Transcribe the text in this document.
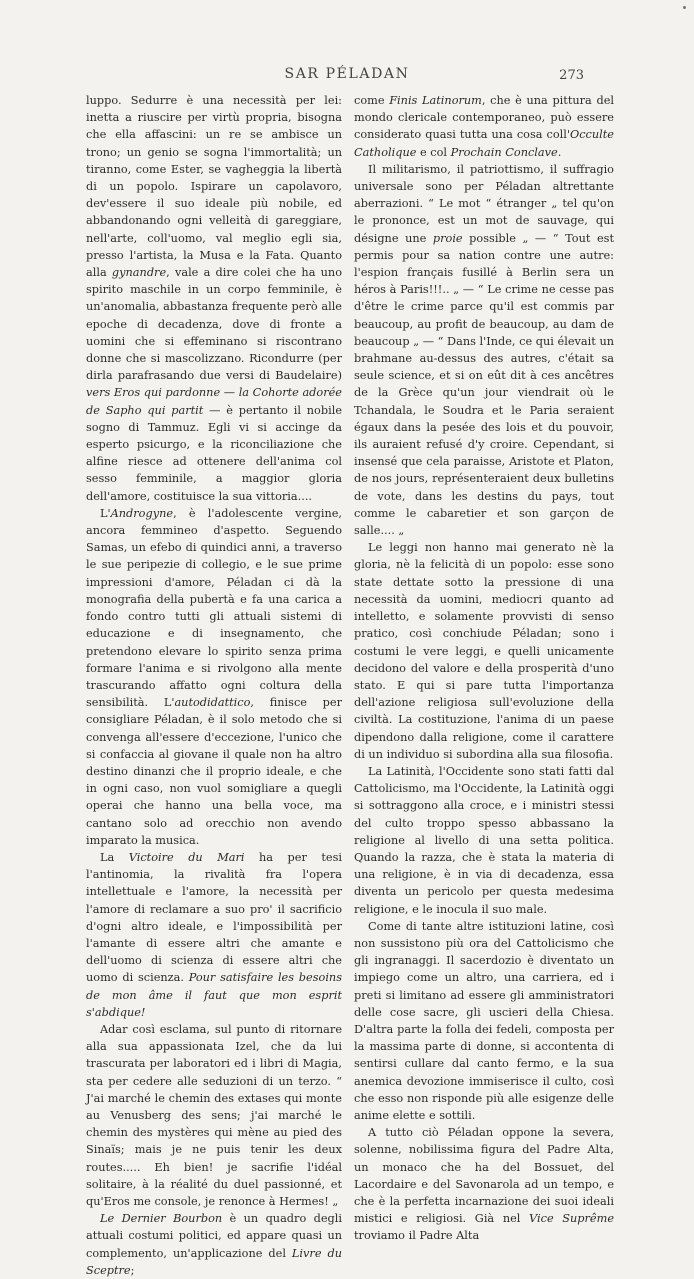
SAR PÉLADAN	273

luppo. Sedurre è una necessità per lei: inetta a riuscire per virtù propria, bisogna che ella affascini: un re se ambisce un trono; un genio se sogna l'immortalità; un tiranno, come Ester, se vagheggia la libertà di un popolo. Ispirare un capolavoro, dev'essere il suo ideale più nobile, ed abbandonando ogni velleità di gareggiare, nell'arte, coll'uomo, val meglio egli sia, presso l'artista, la Musa e la Fata. Quanto alla gynandre, vale a dire colei che ha uno spirito maschile in un corpo femminile, è un'anomalia, abbastanza frequente però alle epoche di decadenza, dove di fronte a uomini che si effeminano si riscontrano donne che si mascolizzano. Ricondurre (per dirla parafrasando due versi di Baudelaire) vers Eros qui pardonne — la Cohorte adorée de Sapho qui partit — è pertanto il nobile sogno di Tammuz. Egli vi si accinge da esperto psicurgo, e la riconciliazione che alfine riesce ad ottenere dell'anima col sesso femminile, a maggior gloria dell'amore, costituisce la sua vittoria....

L'Androgyne, è l'adolescente vergine, ancora femmineo d'aspetto. Seguendo Samas, un efebo di quindici anni, a traverso le sue peripezie di collegio, e le sue prime impressioni d'amore, Péladan ci dà la monografia della pubertà e fa una carica a fondo contro tutti gli attuali sistemi di educazione e di insegnamento, che pretendono elevare lo spirito senza prima formare l'anima e si rivolgono alla mente trascurando affatto ogni coltura della sensibilità. L'autodidattico, finisce per consigliare Péladan, è il solo metodo che si convenga all'essere d'eccezione, l'unico che si confaccia al giovane il quale non ha altro destino dinanzi che il proprio ideale, e che in ogni caso, non vuol somigliare a quegli operai che hanno una bella voce, ma cantano solo ad orecchio non avendo imparato la musica.

La Victoire du Mari ha per tesi l'antinomia, la rivalità fra l'opera intellettuale e l'amore, la necessità per l'amore di reclamare a suo pro' il sacrificio d'ogni altro ideale, e l'impossibilità per l'amante di essere altri che amante e dell'uomo di scienza di essere altri che uomo di scienza. Pour satisfaire les besoins de mon âme il faut que mon esprit s'abdique!

Adar così esclama, sul punto di ritornare alla sua appassionata Izel, che da lui trascurata per laboratori ed i libri di Magia, sta per cedere alle seduzioni di un terzo. “ J'ai marché le chemin des extases qui monte au Venusberg des sens; j'ai marché le chemin des mystères qui mène au pied des Sinaïs; mais je ne puis tenir les deux routes..... Eh bien! je sacrifie l'idéal solitaire, à la réalité du duel passionné, et qu'Eros me console, je renonce à Hermes! „

Le Dernier Bourbon è un quadro degli attuali costumi politici, ed appare quasi un complemento, un'applicazione del Livre du Sceptre;

come Finis Latinorum, che è una pittura del mondo clericale contemporaneo, può essere considerato quasi tutta una cosa coll'Occulte Catholique e col Prochain Conclave.

Il militarismo, il patriottismo, il suffragio universale sono per Péladan altrettante aberrazioni. “ Le mot “ étranger „ tel qu'on le prononce, est un mot de sauvage, qui désigne une proie possible „ — “ Tout est permis pour sa nation contre une autre: l'espion français fusillé à Berlin sera un héros à Paris!!!.. „ — “ Le crime ne cesse pas d'être le crime parce qu'il est commis par beaucoup, au profit de beaucoup, au dam de beaucoup „ — “ Dans l'Inde, ce qui élevait un brahmane au-dessus des autres, c'était sa seule science, et si on eût dit à ces ancêtres de la Grèce qu'un jour viendrait où le Tchandala, le Soudra et le Paria seraient égaux dans la pesée des lois et du pouvoir, ils auraient refusé d'y croire. Cependant, si insensé que cela paraisse, Aristote et Platon, de nos jours, représenteraient deux bulletins de vote, dans les destins du pays, tout comme le cabaretier et son garçon de salle.... „

Le leggi non hanno mai generato nè la gloria, nè la felicità di un popolo: esse sono state dettate sotto la pressione di una necessità da uomini, mediocri quanto ad intelletto, e solamente provvisti di senso pratico, così conchiude Péladan; sono i costumi le vere leggi, e quelli unicamente decidono del valore e della prosperità d'uno stato. E qui si pare tutta l'importanza dell'azione religiosa sull'evoluzione della civiltà. La costituzione, l'anima di un paese dipendono dalla religione, come il carattere di un individuo si subordina alla sua filosofia.

La Latinità, l'Occidente sono stati fatti dal Cattolicismo, ma l'Occidente, la Latinità oggi si sottraggono alla croce, e i ministri stessi del culto troppo spesso abbassano la religione al livello di una setta politica. Quando la razza, che è stata la materia di una religione, è in via di decadenza, essa diventa un pericolo per questa medesima religione, e le inocula il suo male.

Come di tante altre istituzioni latine, così non sussistono più ora del Cattolicismo che gli ingranaggi. Il sacerdozio è diventato un impiego come un altro, una carriera, ed i preti si limitano ad essere gli amministratori delle cose sacre, gli uscieri della Chiesa. D'altra parte la folla dei fedeli, composta per la massima parte di donne, si accontenta di sentirsi cullare dal canto fermo, e la sua anemica devozione immiserisce il culto, così che esso non risponde più alle esigenze delle anime elette e sottili.

A tutto ciò Péladan oppone la severa, solenne, nobilissima figura del Padre Alta, un monaco che ha del Bossuet, del Lacordaire e del Savonarola ad un tempo, e che è la perfetta incarnazione dei suoi ideali mistici e religiosi. Già nel Vice Suprême troviamo il Padre Alta
